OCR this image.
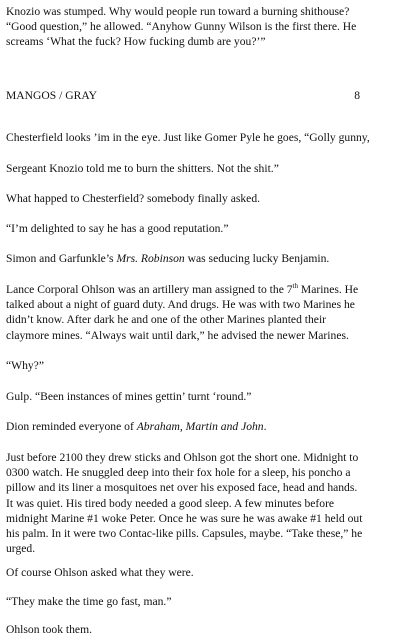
Knozio was stumped. Why would people run toward a burning shithouse?
“Good question,” he allowed. “Anyhow Gunny Wilson is the first there. He
screams ‘What the fuck? How fucking dumb are you?’”
MANGOS / GRAY	8

Chesterfield looks ’im in the eye. Just like Gomer Pyle he goes, “Golly gunny,

Sergeant Knozio told me to burn the shitters. Not the shit.”

What happed to Chesterfield? somebody finally asked.

“I’m delighted to say he has a good reputation.”

Simon and Garfunkle’s Mrs. Robinson was seducing lucky Benjamin.

Lance Corporal Ohlson was an artillery man assigned to the 7th Marines. He
talked about a night of guard duty. And drugs. He was with two Marines he
didn’t know. After dark he and one of the other Marines planted their
claymore mines. “Always wait until dark,” he advised the newer Marines.

“Why?”

Gulp. “Been instances of mines gettin’ turnt ‘round.”

Dion reminded everyone of Abraham, Martin and John.

Just before 2100 they drew sticks and Ohlson got the short one. Midnight to
0300 watch. He snuggled deep into their fox hole for a sleep, his poncho a
pillow and its liner a mosquitoes net over his exposed face, head and hands.
It was quiet. His tired body needed a good sleep. A few minutes before
midnight Marine #1 woke Peter. Once he was sure he was awake #1 held out
his palm. In it were two Contac-like pills. Capsules, maybe. “Take these,” he
urged.

Of course Ohlson asked what they were.

“They make the time go fast, man.”

Ohlson took them.
